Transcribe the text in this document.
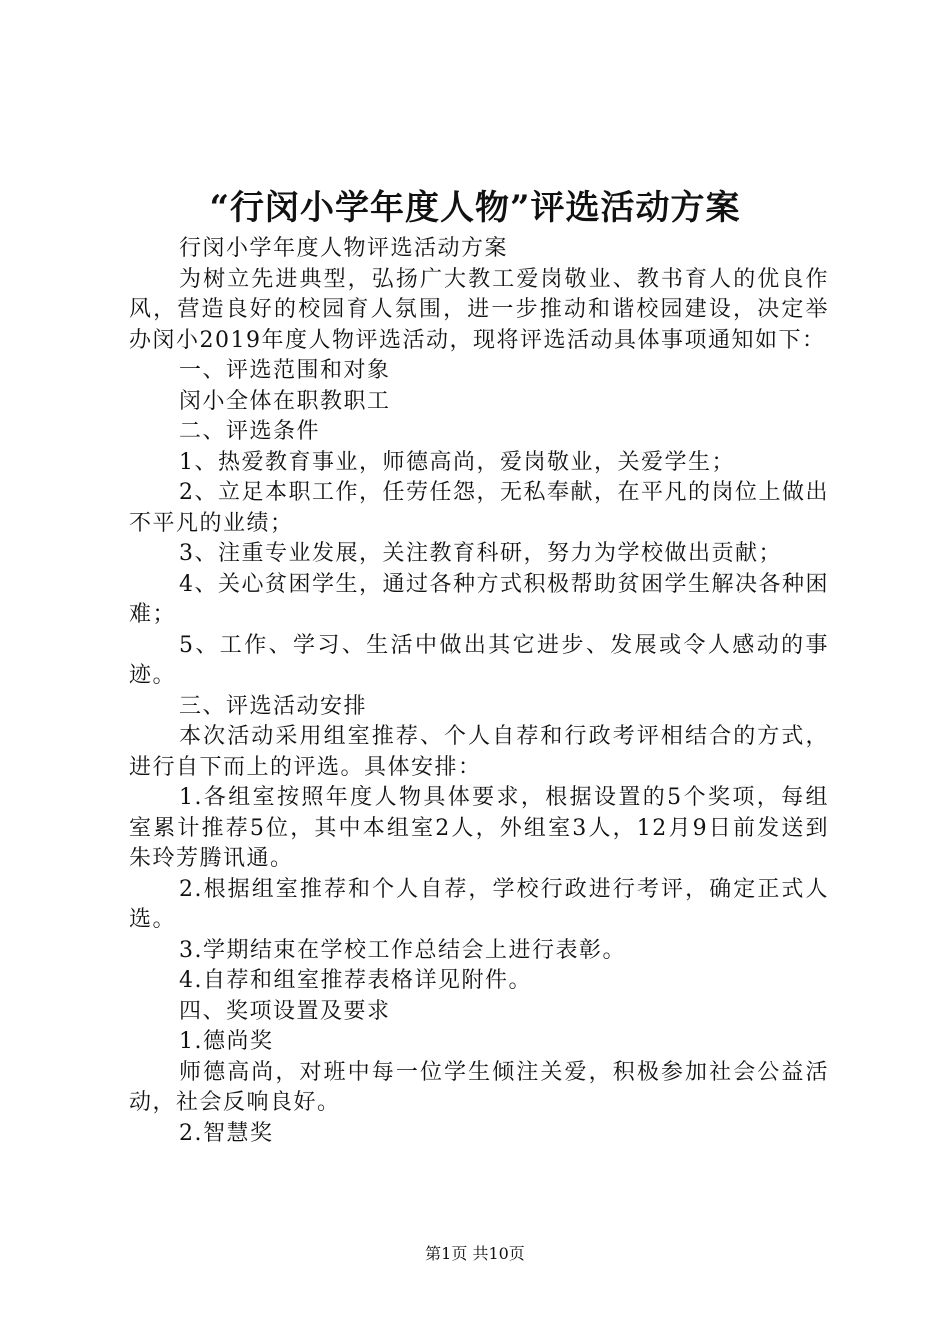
“行闵小学年度人物”评选活动方案

行闵小学年度人物评选活动方案

为树立先进典型，弘扬广大教工爱岗敬业、教书育人的优良作风，营造良好的校园育人氛围，进一步推动和谐校园建设，决定举办闵小2019年度人物评选活动，现将评选活动具体事项通知如下：

一、评选范围和对象

闵小全体在职教职工

二、评选条件

1、热爱教育事业，师德高尚，爱岗敬业，关爱学生；

2、立足本职工作，任劳任怨，无私奉献，在平凡的岗位上做出不平凡的业绩；

3、注重专业发展，关注教育科研，努力为学校做出贡献；

4、关心贫困学生，通过各种方式积极帮助贫困学生解决各种困难；

5、工作、学习、生活中做出其它进步、发展或令人感动的事迹。

三、评选活动安排

本次活动采用组室推荐、个人自荐和行政考评相结合的方式，进行自下而上的评选。具体安排：

1.各组室按照年度人物具体要求，根据设置的5个奖项，每组室累计推荐5位，其中本组室2人，外组室3人，12月9日前发送到朱玲芳腾讯通。

2.根据组室推荐和个人自荐，学校行政进行考评，确定正式人选。

3.学期结束在学校工作总结会上进行表彰。

4.自荐和组室推荐表格详见附件。

四、奖项设置及要求

1.德尚奖

师德高尚，对班中每一位学生倾注关爱，积极参加社会公益活动，社会反响良好。

2.智慧奖

第1页 共10页
